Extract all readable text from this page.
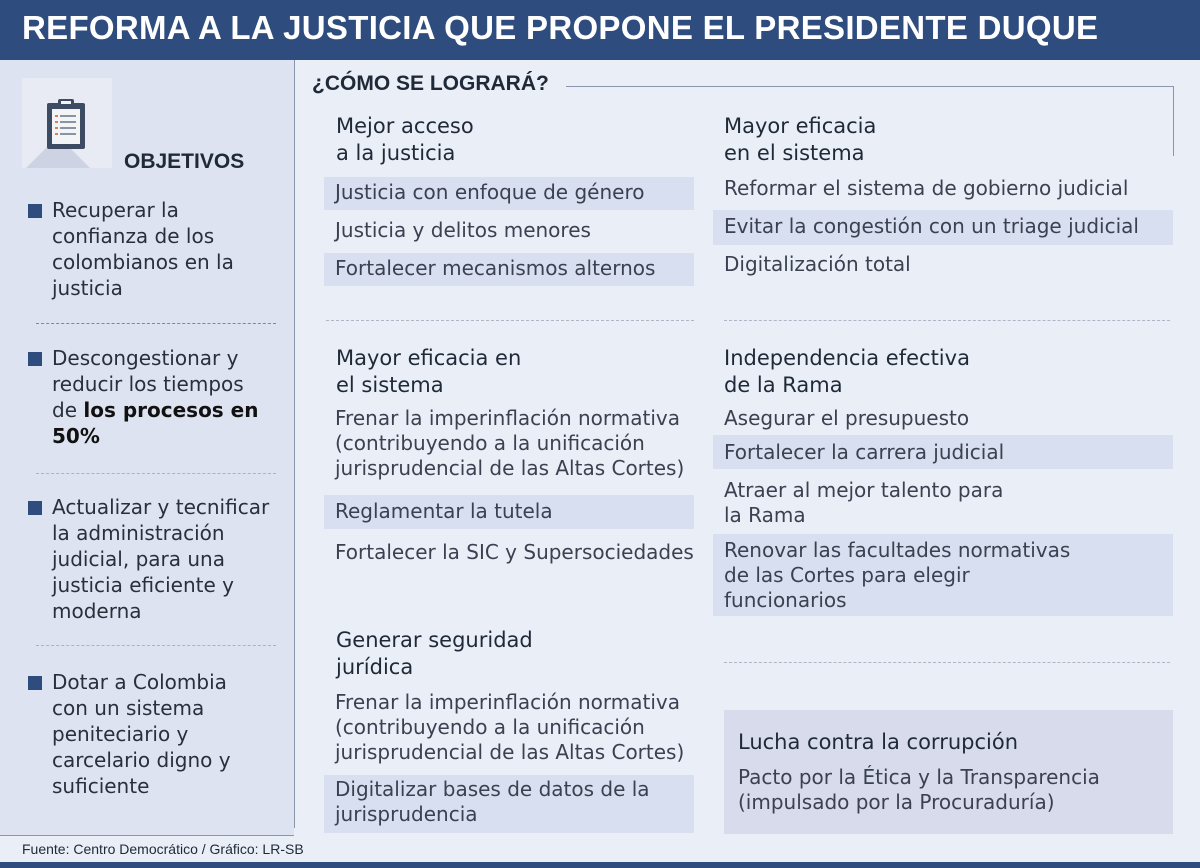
REFORMA A LA JUSTICIA QUE PROPONE EL PRESIDENTE DUQUE
OBJETIVOS
Recuperar la
confianza de los
colombianos en la
justicia
Descongestionar y
reducir los tiempos
de los procesos en
50%
Actualizar y tecnificar
la administración
judicial, para una
justicia eficiente y
moderna
Dotar a Colombia
con un sistema
peniteciario y
carcelario digno y
suficiente
¿CÓMO SE LOGRARÁ?
Mejor acceso
a la justicia
Justicia con enfoque de género
Justicia y delitos menores
Fortalecer mecanismos alternos
Mayor eficacia
en el sistema
Reformar el sistema de gobierno judicial
Evitar la congestión con un triage judicial
Digitalización total
Mayor eficacia en
el sistema
Frenar la imperinflación normativa
(contribuyendo a la unificación
jurisprudencial de las Altas Cortes)
Reglamentar la tutela
Fortalecer la SIC y Supersociedades
Independencia efectiva
de la Rama
Asegurar el presupuesto
Fortalecer la carrera judicial
Atraer al mejor talento para
la Rama
Renovar las facultades normativas
de las Cortes para elegir
funcionarios
Generar seguridad
jurídica
Frenar la imperinflación normativa
(contribuyendo a la unificación
jurisprudencial de las Altas Cortes)
Digitalizar bases de datos de la
jurisprudencia
Lucha contra la corrupción
Pacto por la Ética y la Transparencia
(impulsado por la Procuraduría)
Fuente: Centro Democrático / Gráfico: LR-SB
